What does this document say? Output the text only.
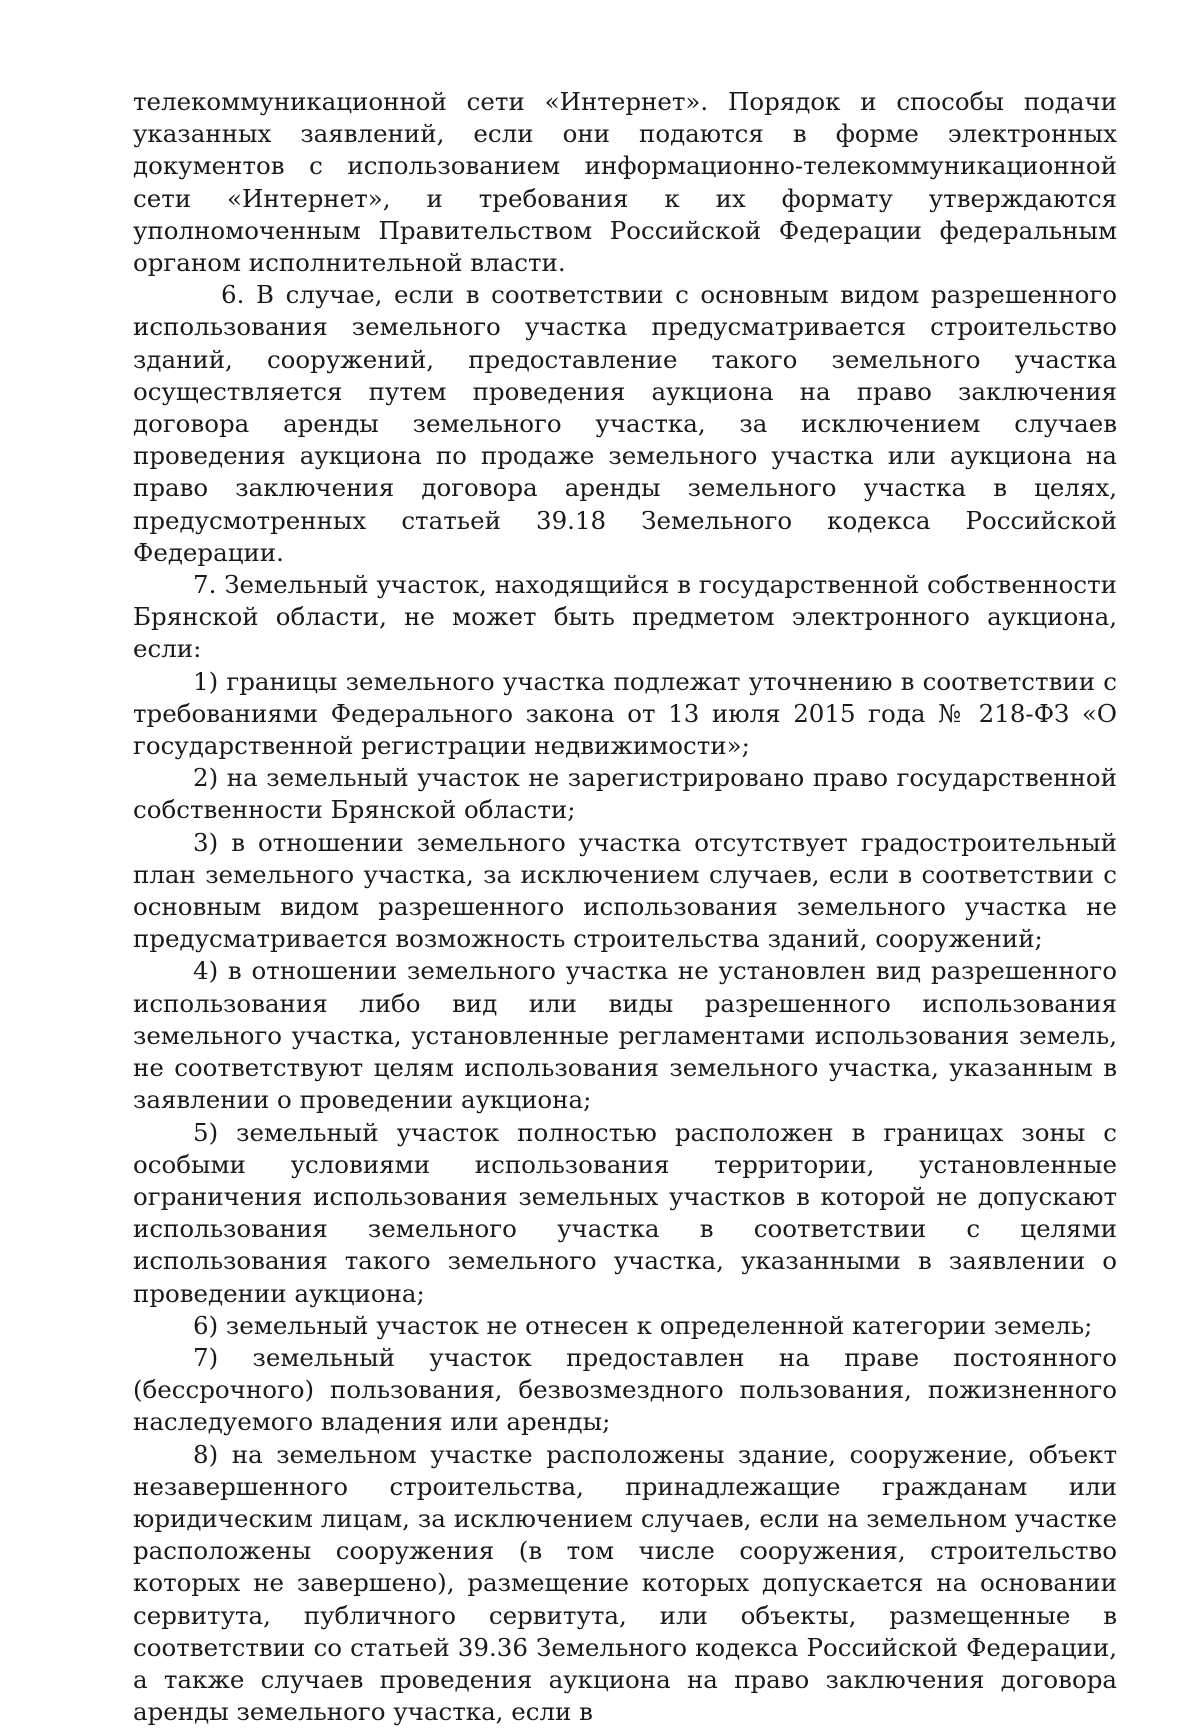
телекоммуникационной сети «Интернет». Порядок и способы подачи указанных заявлений, если они подаются в форме электронных документов с использованием информационно-телекоммуникационной сети «Интернет», и требования к их формату утверждаются уполномоченным Правительством Российской Федерации федеральным органом исполнительной власти.

6. В случае, если в соответствии с основным видом разрешенного использования земельного участка предусматривается строительство зданий, сооружений, предоставление такого земельного участка осуществляется путем проведения аукциона на право заключения договора аренды земельного участка, за исключением случаев проведения аукциона по продаже земельного участка или аукциона на право заключения договора аренды земельного участка в целях, предусмотренных статьей 39.18 Земельного кодекса Российской Федерации.

7. Земельный участок, находящийся в государственной собственности Брянской области, не может быть предметом электронного аукциона, если:

1) границы земельного участка подлежат уточнению в соответствии с требованиями Федерального закона от 13 июля 2015 года № 218-ФЗ «О государственной регистрации недвижимости»;

2) на земельный участок не зарегистрировано право государственной собственности Брянской области;

3) в отношении земельного участка отсутствует градостроительный план земельного участка, за исключением случаев, если в соответствии с основным видом разрешенного использования земельного участка не предусматривается возможность строительства зданий, сооружений;

4) в отношении земельного участка не установлен вид разрешенного использования либо вид или виды разрешенного использования земельного участка, установленные регламентами использования земель, не соответствуют целям использования земельного участка, указанным в заявлении о проведении аукциона;

5) земельный участок полностью расположен в границах зоны с особыми условиями использования территории, установленные ограничения использования земельных участков в которой не допускают использования земельного участка в соответствии с целями использования такого земельного участка, указанными в заявлении о проведении аукциона;

6) земельный участок не отнесен к определенной категории земель;

7) земельный участок предоставлен на праве постоянного (бессрочного) пользования, безвозмездного пользования, пожизненного наследуемого владения или аренды;

8) на земельном участке расположены здание, сооружение, объект незавершенного строительства, принадлежащие гражданам или юридическим лицам, за исключением случаев, если на земельном участке расположены сооружения (в том числе сооружения, строительство которых не завершено), размещение которых допускается на основании сервитута, публичного сервитута, или объекты, размещенные в соответствии со статьей 39.36 Земельного кодекса Российской Федерации, а также случаев проведения аукциона на право заключения договора аренды земельного участка, если в
